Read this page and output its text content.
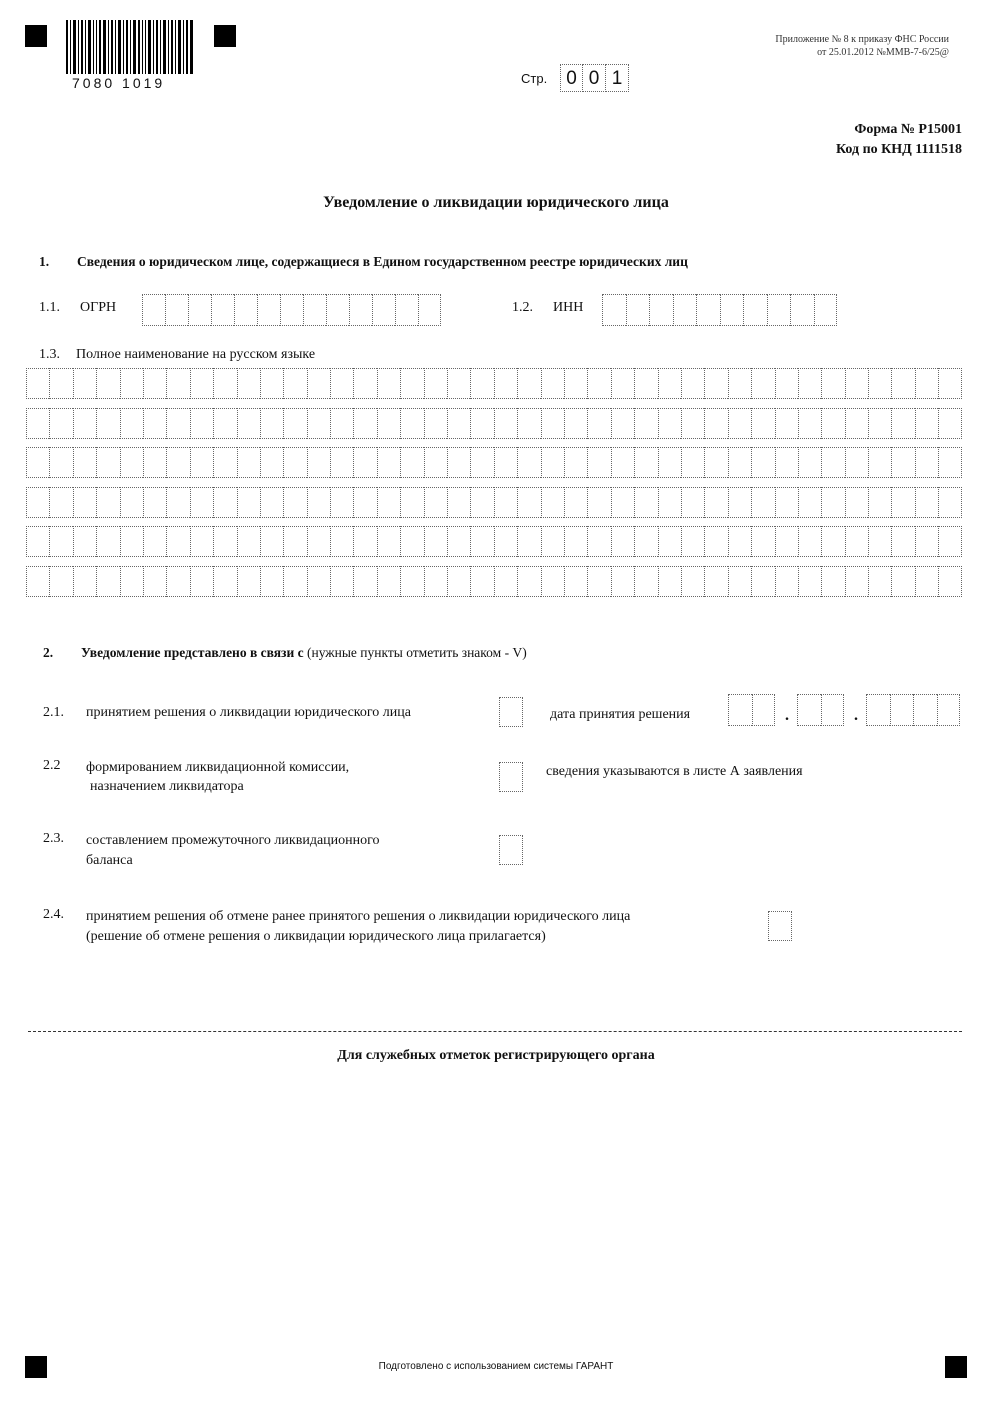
7080 1019	Стр.	0 0 1
Приложение № 8 к приказу ФНС России
от 25.01.2012 №ММВ-7-6/25@
Форма № Р15001
Код по КНД 1111518
Уведомление о ликвидации юридического лица
1. Сведения о юридическом лице, содержащиеся в Едином государственном реестре юридических лиц
1.1. ОГРН	1.2. ИНН
1.3. Полное наименование на русском языке
2. Уведомление представлено в связи с (нужные пункты отметить знаком - V)
2.1. принятием решения о ликвидации юридического лица	дата принятия решения	.	.
2.2 формированием ликвидационной комиссии,
назначением ликвидатора
сведения указываются в листе А заявления
2.3. составлением промежуточного ликвидационного
баланса
2.4. принятием решения об отмене ранее принятого решения о ликвидации юридического лица
(решение об отмене решения о ликвидации юридического лица прилагается)
Для служебных отметок регистрирующего органа
Подготовлено с использованием системы ГАРАНТ
